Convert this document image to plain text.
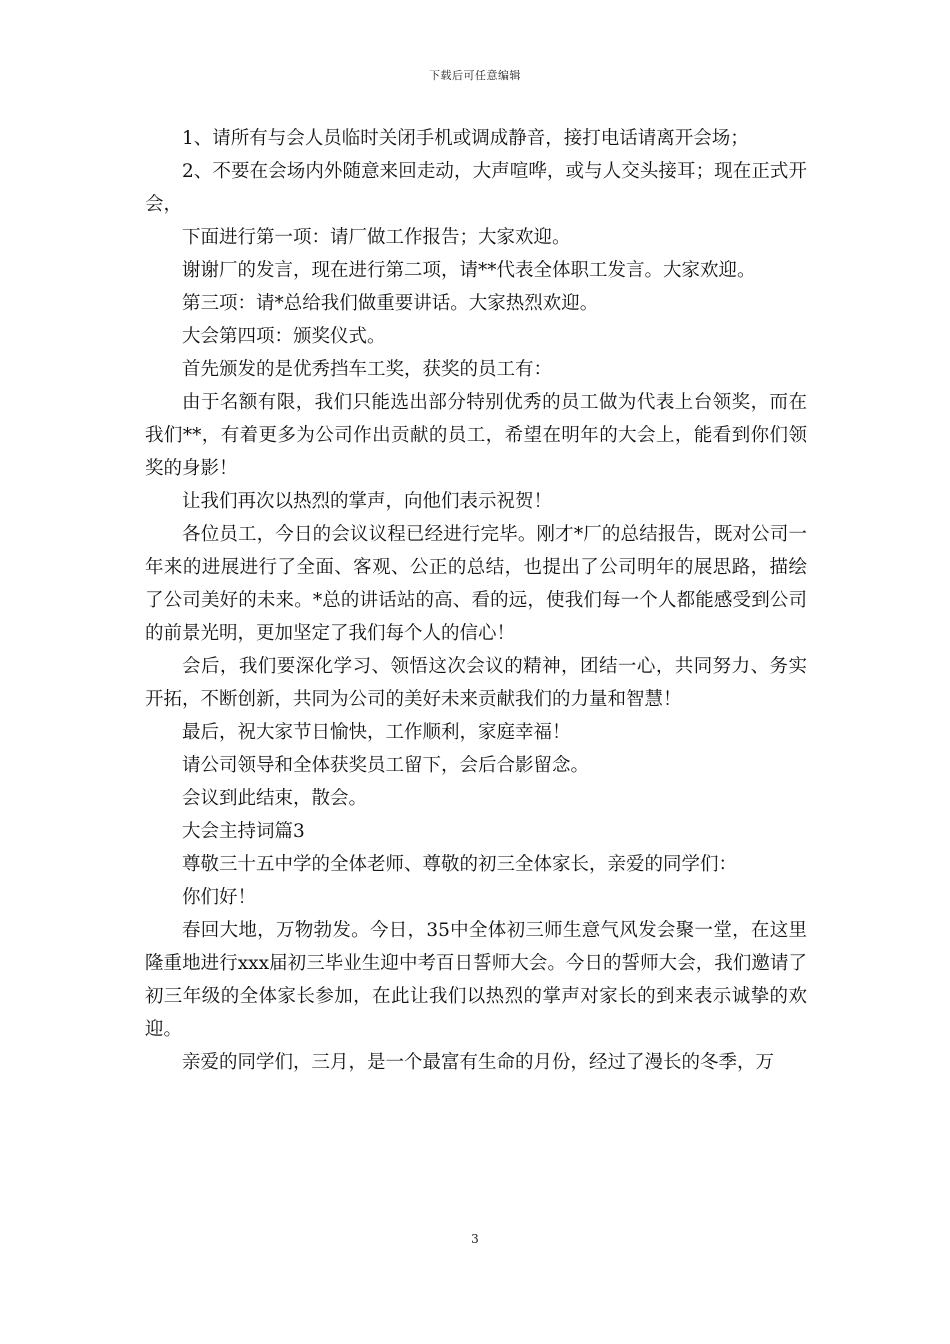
下载后可任意编辑

1、请所有与会人员临时关闭手机或调成静音，接打电话请离开会场；

2、不要在会场内外随意来回走动，大声喧哗，或与人交头接耳；现在正式开会，

下面进行第一项：请厂做工作报告；大家欢迎。

谢谢厂的发言，现在进行第二项，请**代表全体职工发言。大家欢迎。

第三项：请*总给我们做重要讲话。大家热烈欢迎。

大会第四项：颁奖仪式。

首先颁发的是优秀挡车工奖，获奖的员工有：

由于名额有限，我们只能选出部分特别优秀的员工做为代表上台领奖，而在我们**，有着更多为公司作出贡献的员工，希望在明年的大会上，能看到你们领奖的身影！

让我们再次以热烈的掌声，向他们表示祝贺！

各位员工，今日的会议议程已经进行完毕。刚才*厂的总结报告，既对公司一年来的进展进行了全面、客观、公正的总结，也提出了公司明年的展思路，描绘了公司美好的未来。*总的讲话站的高、看的远，使我们每一个人都能感受到公司的前景光明，更加坚定了我们每个人的信心！

会后，我们要深化学习、领悟这次会议的精神，团结一心，共同努力、务实开拓，不断创新，共同为公司的美好未来贡献我们的力量和智慧！

最后，祝大家节日愉快，工作顺利，家庭幸福！

请公司领导和全体获奖员工留下，会后合影留念。

会议到此结束，散会。

大会主持词篇3

尊敬三十五中学的全体老师、尊敬的初三全体家长，亲爱的同学们：

你们好！

春回大地，万物勃发。今日，35中全体初三师生意气风发会聚一堂，在这里隆重地进行xxx届初三毕业生迎中考百日誓师大会。今日的誓师大会，我们邀请了初三年级的全体家长参加，在此让我们以热烈的掌声对家长的到来表示诚挚的欢迎。

亲爱的同学们，三月，是一个最富有生命的月份，经过了漫长的冬季，万

3
